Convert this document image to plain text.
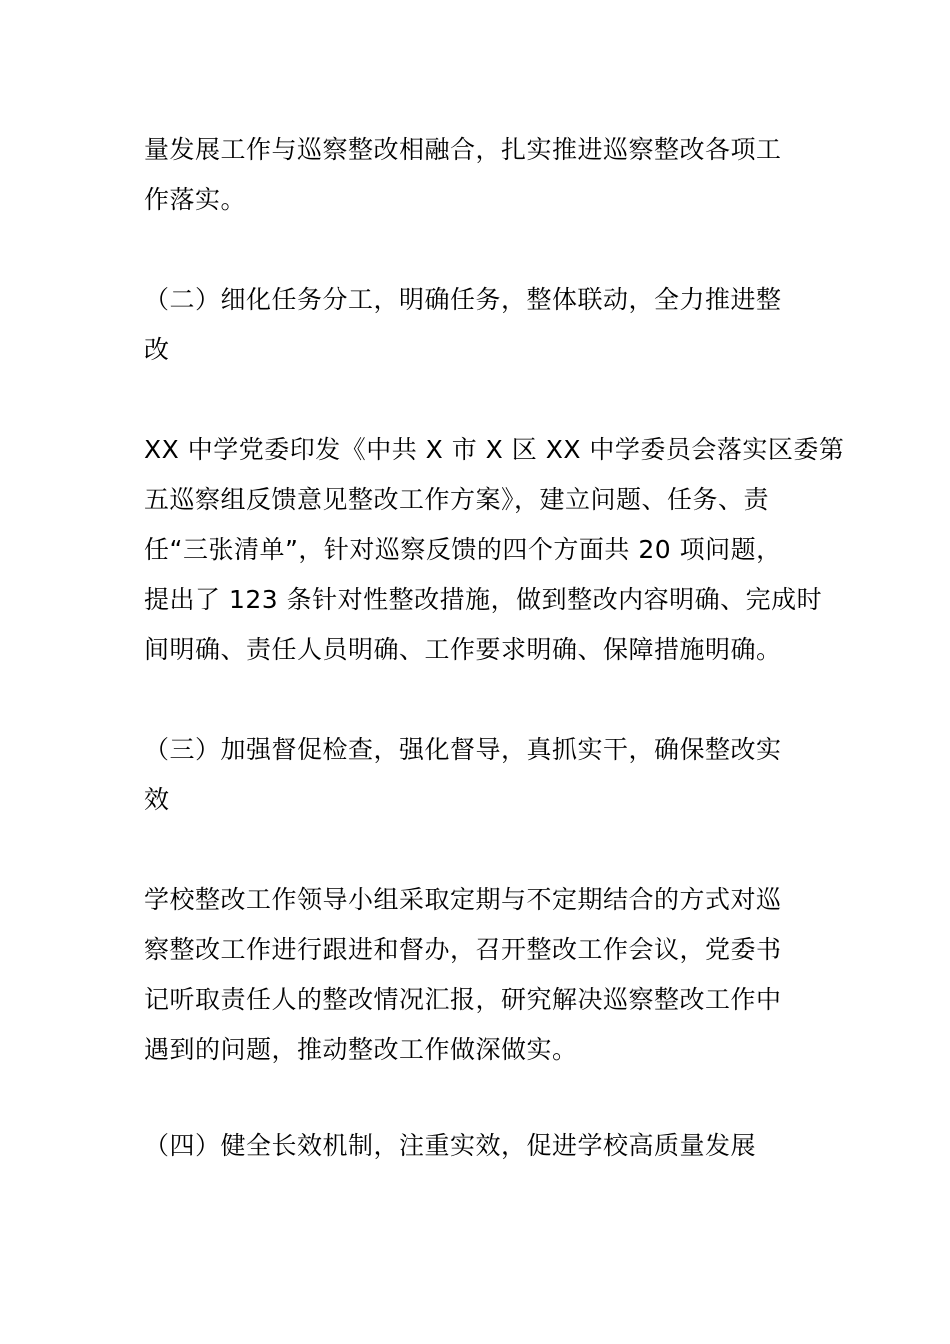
量发展工作与巡察整改相融合，扎实推进巡察整改各项工
作落实。
（二）细化任务分工，明确任务，整体联动，全力推进整
改
XX 中学党委印发《中共 X 市 X 区 XX 中学委员会落实区委第
五巡察组反馈意见整改工作方案》，建立问题、任务、责
任“三张清单”，针对巡察反馈的四个方面共 20 项问题，
提出了 123 条针对性整改措施，做到整改内容明确、完成时
间明确、责任人员明确、工作要求明确、保障措施明确。
（三）加强督促检查，强化督导，真抓实干，确保整改实
效
学校整改工作领导小组采取定期与不定期结合的方式对巡
察整改工作进行跟进和督办，召开整改工作会议，党委书
记听取责任人的整改情况汇报，研究解决巡察整改工作中
遇到的问题，推动整改工作做深做实。
（四）健全长效机制，注重实效，促进学校高质量发展
